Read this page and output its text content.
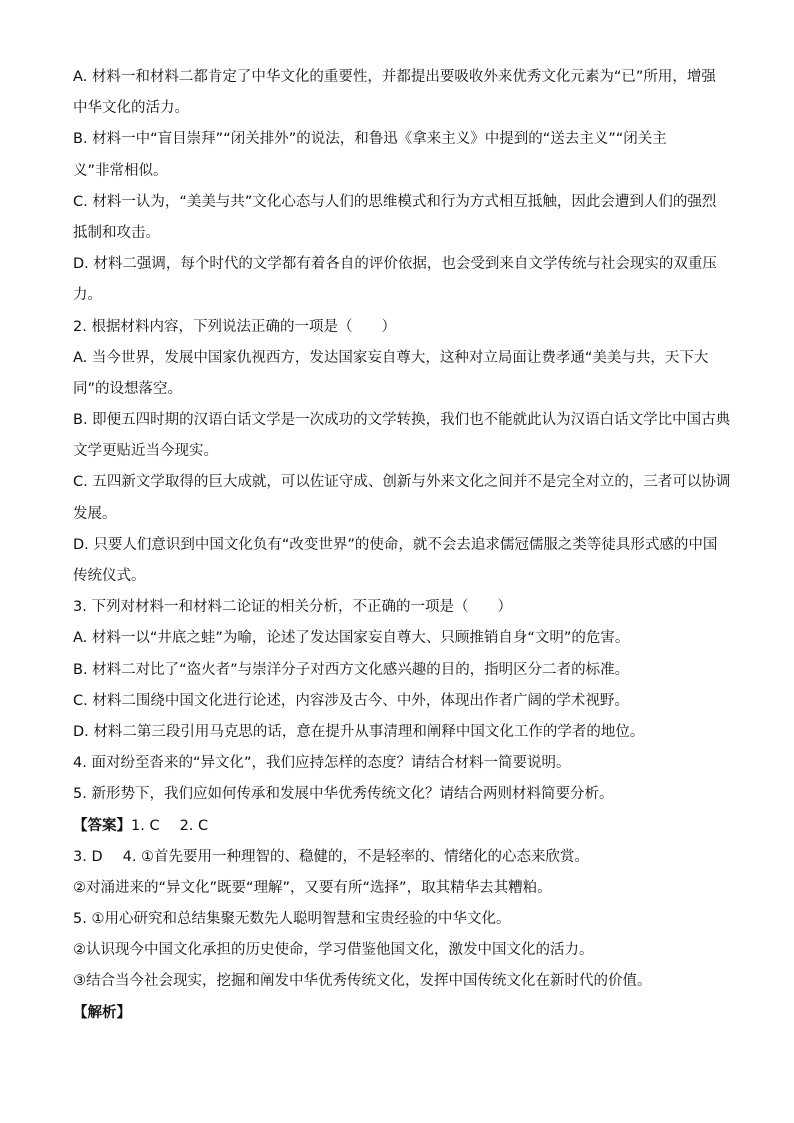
A. 材料一和材料二都肯定了中华文化的重要性，并都提出要吸收外来优秀文化元素为“已”所用，增强
中华文化的活力。
B. 材料一中“盲目崇拜”“闭关排外”的说法，和鲁迅《拿来主义》中提到的“送去主义”“闭关主
义”非常相似。
C. 材料一认为，“美美与共”文化心态与人们的思维模式和行为方式相互抵触，因此会遭到人们的强烈
抵制和攻击。
D. 材料二强调，每个时代的文学都有着各自的评价依据，也会受到来自文学传统与社会现实的双重压
力。
2. 根据材料内容，下列说法正确的一项是（　　）
A. 当今世界，发展中国家仇视西方，发达国家妄自尊大，这种对立局面让费孝通“美美与共，天下大
同”的设想落空。
B. 即便五四时期的汉语白话文学是一次成功的文学转换，我们也不能就此认为汉语白话文学比中国古典
文学更贴近当今现实。
C. 五四新文学取得的巨大成就，可以佐证守成、创新与外来文化之间并不是完全对立的，三者可以协调
发展。
D. 只要人们意识到中国文化负有“改变世界”的使命，就不会去追求儒冠儒服之类等徒具形式感的中国
传统仪式。
3. 下列对材料一和材料二论证的相关分析，不正确的一项是（　　）
A. 材料一以“井底之蛙”为喻，论述了发达国家妄自尊大、只顾推销自身“文明”的危害。
B. 材料二对比了“盗火者”与崇洋分子对西方文化感兴趣的目的，指明区分二者的标准。
C. 材料二围绕中国文化进行论述，内容涉及古今、中外，体现出作者广阔的学术视野。
D. 材料二第三段引用马克思的话，意在提升从事清理和阐释中国文化工作的学者的地位。
4. 面对纷至沓来的“异文化”，我们应持怎样的态度？请结合材料一简要说明。
5. 新形势下，我们应如何传承和发展中华优秀传统文化？请结合两则材料简要分析。
【答案】1. C 2. C
3. D 4. ①首先要用一种理智的、稳健的，不是轻率的、情绪化的心态来欣赏。
②对涌进来的“异文化”既要“理解”，又要有所“选择”，取其精华去其糟粕。
5. ①用心研究和总结集聚无数先人聪明智慧和宝贵经验的中华文化。
②认识现今中国文化承担的历史使命，学习借鉴他国文化，激发中国文化的活力。
③结合当今社会现实，挖掘和阐发中华优秀传统文化，发挥中国传统文化在新时代的价值。
【解析】
